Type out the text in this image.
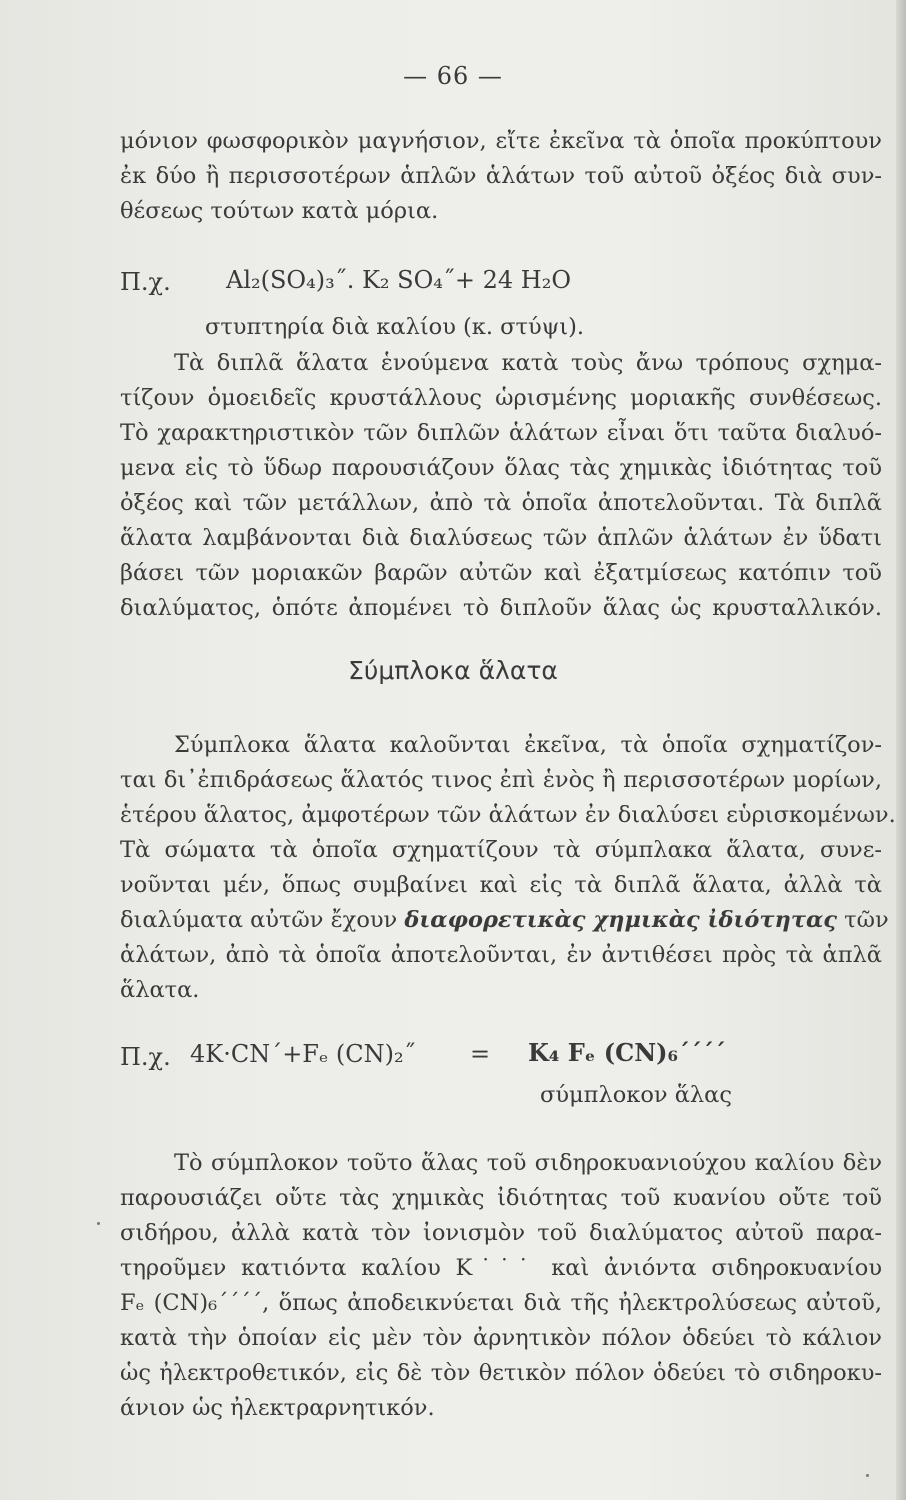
— 66 —
μόνιον φωσφορικὸν μαγνήσιον, εἴτε ἐκεῖνα τὰ ὁποῖα προκύπτουν
ἐκ δύο ἢ περισσοτέρων ἁπλῶν ἁλάτων τοῦ αὐτοῦ ὀξέος διὰ συν-
θέσεως τούτων κατὰ μόρια.
Π.χ. Al₂(SO₄)₃˝. K₂ SO₄˝+ 24 H₂O
στυπτηρία διὰ καλίου (κ. στύψι).
Τὰ διπλᾶ ἅλατα ἑνούμενα κατὰ τοὺς ἄνω τρόπους σχημα-
τίζουν ὁμοειδεῖς κρυστάλλους ὡρισμένης μοριακῆς συνθέσεως.
Τὸ χαρακτηριστικὸν τῶν διπλῶν ἁλάτων εἶναι ὅτι ταῦτα διαλυό-
μενα εἰς τὸ ὕδωρ παρουσιάζουν ὅλας τὰς χημικὰς ἰδιότητας τοῦ
ὀξέος καὶ τῶν μετάλλων, ἀπὸ τὰ ὁποῖα ἀποτελοῦνται. Τὰ διπλᾶ
ἅλατα λαμβάνονται διὰ διαλύσεως τῶν ἁπλῶν ἁλάτων ἐν ὕδατι
βάσει τῶν μοριακῶν βαρῶν αὐτῶν καὶ ἐξατμίσεως κατόπιν τοῦ
διαλύματος, ὁπότε ἀπομένει τὸ διπλοῦν ἅλας ὡς κρυσταλλικόν.
Σύμπλοκα ἅλατα
Σύμπλοκα ἅλατα καλοῦνται ἐκεῖνα, τὰ ὁποῖα σχηματίζον-
ται δι᾽ἐπιδράσεως ἅλατός τινος ἐπὶ ἑνὸς ἢ περισσοτέρων μορίων,
ἑτέρου ἅλατος, ἀμφοτέρων τῶν ἁλάτων ἐν διαλύσει εὑρισκομένων.
Τὰ σώματα τὰ ὁποῖα σχηματίζουν τὰ σύμπλακα ἅλατα, συνε-
νοῦνται μέν, ὅπως συμβαίνει καὶ εἰς τὰ διπλᾶ ἅλατα, ἀλλὰ τὰ
διαλύματα αὐτῶν ἔχουν διαφορετικὰς χημικὰς ἰδιότητας τῶν
ἁλάτων, ἀπὸ τὰ ὁποῖα ἀποτελοῦνται, ἐν ἀντιθέσει πρὸς τὰ ἁπλᾶ
ἅλατα.
Π.χ. 4K·CN΄+Fₑ (CN)₂˝ = K₄ Fₑ (CN)₆΄΄΄΄
σύμπλοκον ἅλας
Τὸ σύμπλοκον τοῦτο ἅλας τοῦ σιδηροκυανιούχου καλίου δὲν
παρουσιάζει οὔτε τὰς χημικὰς ἰδιότητας τοῦ κυανίου οὔτε τοῦ
σιδήρου, ἀλλὰ κατὰ τὸν ἰονισμὸν τοῦ διαλύματος αὐτοῦ παρα-
τηροῦμεν κατιόντα καλίου K˙˙˙ καὶ ἀνιόντα σιδηροκυανίου
Fₑ (CN)₆΄΄΄΄, ὅπως ἀποδεικνύεται διὰ τῆς ἠλεκτρολύσεως αὐτοῦ,
κατὰ τὴν ὁποίαν εἰς μὲν τὸν ἀρνητικὸν πόλον ὁδεύει τὸ κάλιον
ὡς ἠλεκτροθετικόν, εἰς δὲ τὸν θετικὸν πόλον ὁδεύει τὸ σιδηροκυ-
άνιον ὡς ἠλεκτραρνητικόν.
